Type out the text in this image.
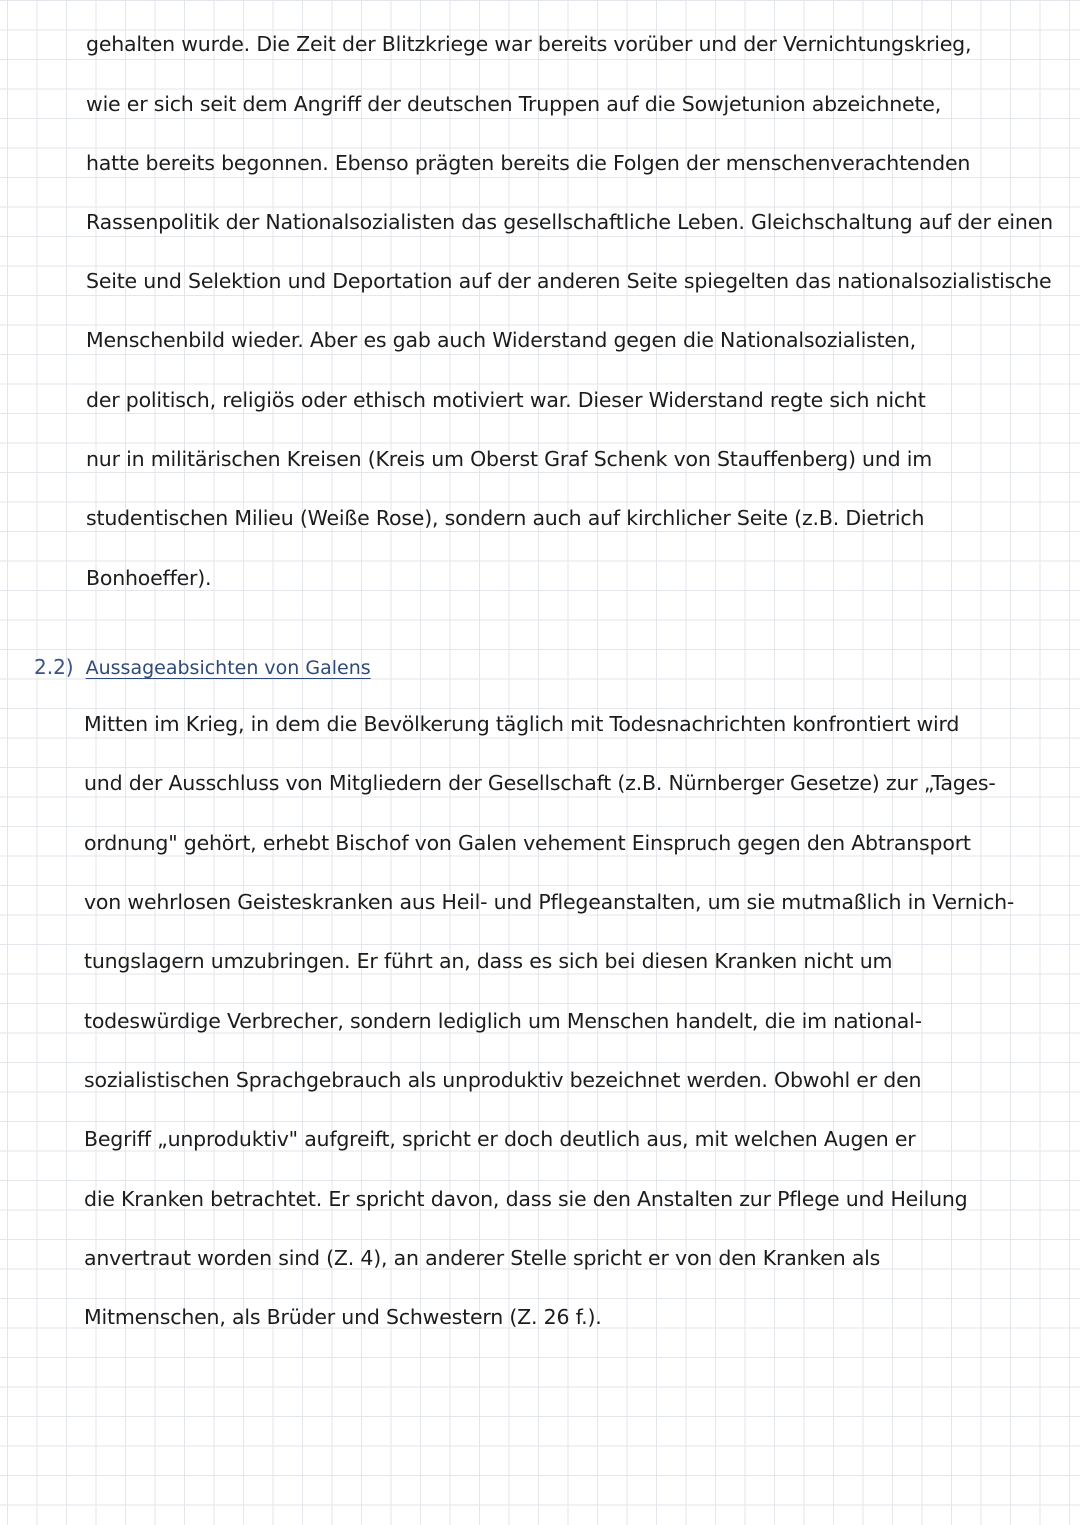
gehalten wurde. Die Zeit der Blitzkriege war bereits vorüber und der Vernichtungskrieg,
wie er sich seit dem Angriff der deutschen Truppen auf die Sowjetunion abzeichnete,
hatte bereits begonnen. Ebenso prägten bereits die Folgen der menschenverachtenden
Rassenpolitik der Nationalsozialisten das gesellschaftliche Leben. Gleichschaltung auf der einen
Seite und Selektion und Deportation auf der anderen Seite spiegelten das nationalsozialistische
Menschenbild wieder. Aber es gab auch Widerstand gegen die Nationalsozialisten,
der politisch, religiös oder ethisch motiviert war. Dieser Widerstand regte sich nicht
nur in militärischen Kreisen (Kreis um Oberst Graf Schenk von Stauffenberg) und im
studentischen Milieu (Weiße Rose), sondern auch auf kirchlicher Seite (z.B. Dietrich
Bonhoeffer).
2.2) Aussageabsichten von Galens
Mitten im Krieg, in dem die Bevölkerung täglich mit Todesnachrichten konfrontiert wird
und der Ausschluss von Mitgliedern der Gesellschaft (z.B. Nürnberger Gesetze) zur „Tages-
ordnung" gehört, erhebt Bischof von Galen vehement Einspruch gegen den Abtransport
von wehrlosen Geisteskranken aus Heil- und Pflegeanstalten, um sie mutmaßlich in Vernich-
tungslagern umzubringen. Er führt an, dass es sich bei diesen Kranken nicht um
todeswürdige Verbrecher, sondern lediglich um Menschen handelt, die im national-
sozialistischen Sprachgebrauch als unproduktiv bezeichnet werden. Obwohl er den
Begriff „unproduktiv" aufgreift, spricht er doch deutlich aus, mit welchen Augen er
die Kranken betrachtet. Er spricht davon, dass sie den Anstalten zur Pflege und Heilung
anvertraut worden sind (Z. 4), an anderer Stelle spricht er von den Kranken als
Mitmenschen, als Brüder und Schwestern (Z. 26 f.).
